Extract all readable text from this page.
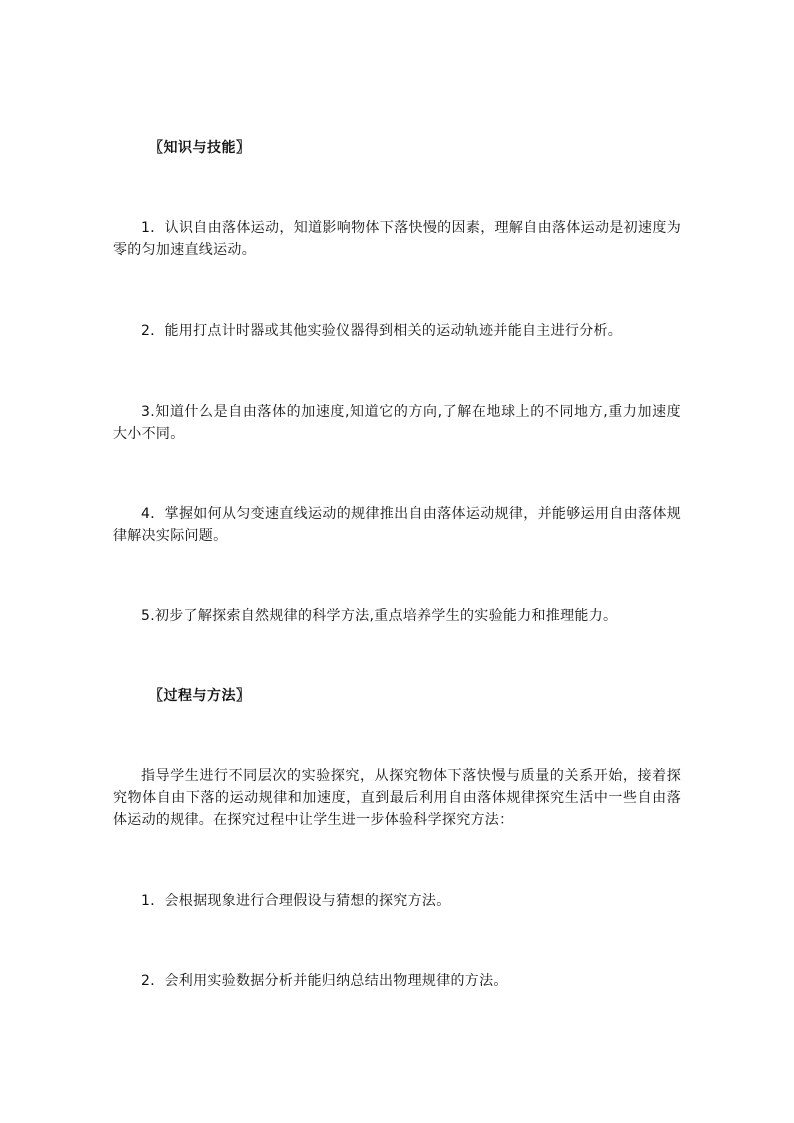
〖知识与技能〗
1．认识自由落体运动，知道影响物体下落快慢的因素，理解自由落体运动是初速度为零的匀加速直线运动。
2．能用打点计时器或其他实验仪器得到相关的运动轨迹并能自主进行分析。
3.知道什么是自由落体的加速度,知道它的方向,了解在地球上的不同地方,重力加速度大小不同。
4．掌握如何从匀变速直线运动的规律推出自由落体运动规律，并能够运用自由落体规律解决实际问题。
5.初步了解探索自然规律的科学方法,重点培养学生的实验能力和推理能力。
〖过程与方法〗
指导学生进行不同层次的实验探究，从探究物体下落快慢与质量的关系开始，接着探究物体自由下落的运动规律和加速度，直到最后利用自由落体规律探究生活中一些自由落体运动的规律。在探究过程中让学生进一步体验科学探究方法：
1．会根据现象进行合理假设与猜想的探究方法。
2．会利用实验数据分析并能归纳总结出物理规律的方法。
